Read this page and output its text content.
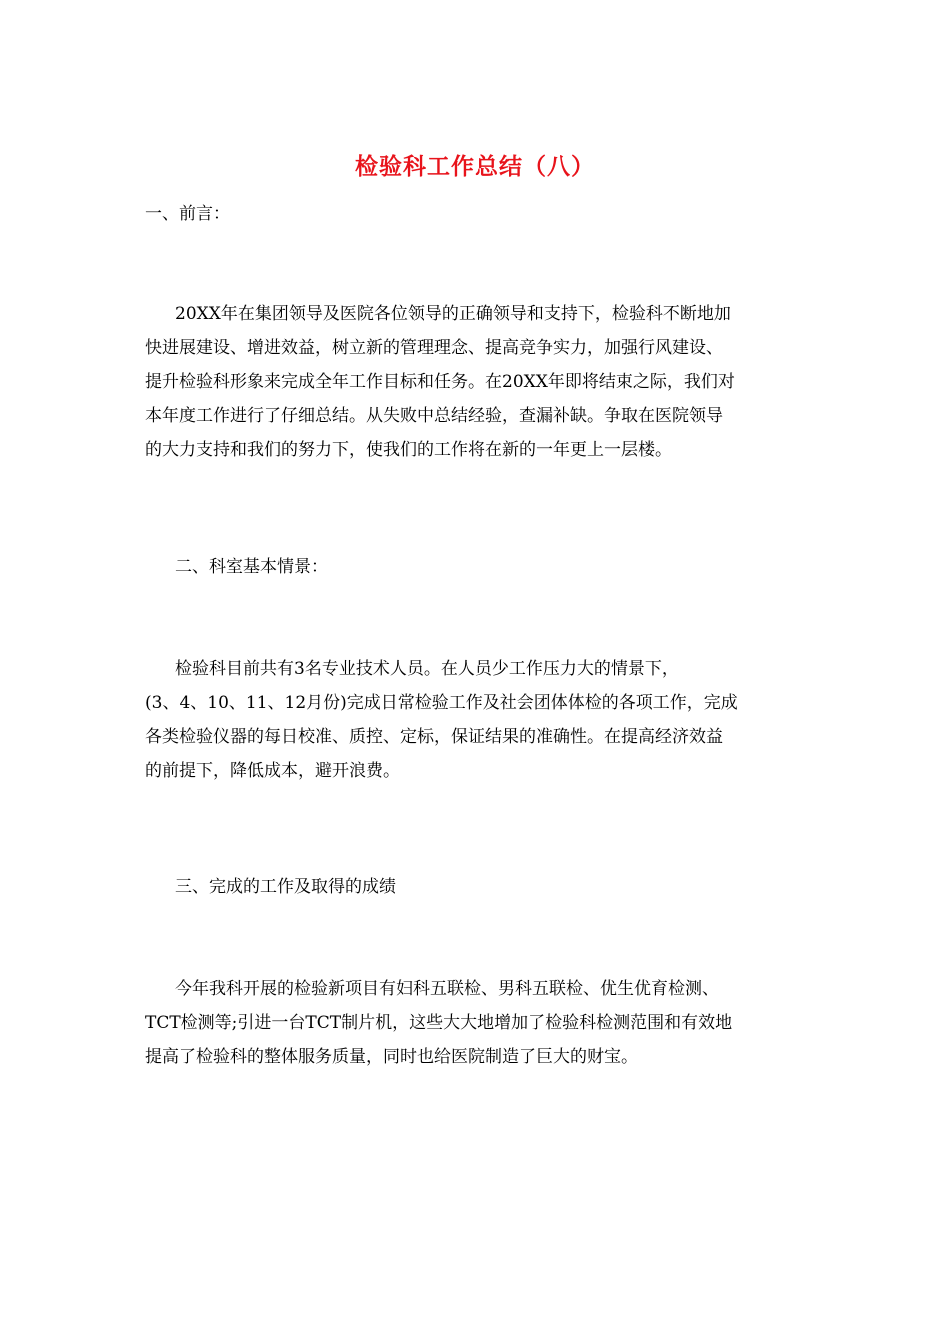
检验科工作总结（八）
一、前言：
20XX年在集团领导及医院各位领导的正确领导和支持下，检验科不断地加
快进展建设、增进效益，树立新的管理理念、提高竞争实力，加强行风建设、
提升检验科形象来完成全年工作目标和任务。在20XX年即将结束之际，我们对
本年度工作进行了仔细总结。从失败中总结经验，查漏补缺。争取在医院领导
的大力支持和我们的努力下，使我们的工作将在新的一年更上一层楼。
二、科室基本情景：
检验科目前共有3名专业技术人员。在人员少工作压力大的情景下，
(3、4、10、11、12月份)完成日常检验工作及社会团体体检的各项工作，完成
各类检验仪器的每日校准、质控、定标，保证结果的准确性。在提高经济效益
的前提下，降低成本，避开浪费。
三、完成的工作及取得的成绩
今年我科开展的检验新项目有妇科五联检、男科五联检、优生优育检测、
TCT检测等;引进一台TCT制片机，这些大大地增加了检验科检测范围和有效地
提高了检验科的整体服务质量，同时也给医院制造了巨大的财宝。
